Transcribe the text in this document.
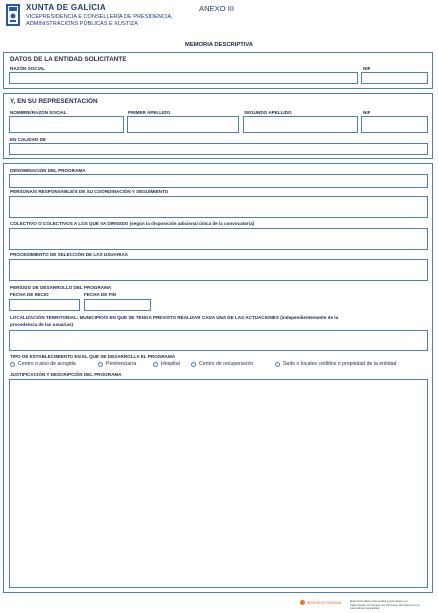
XUNTA DE GALICIA
VICEPRESIDENCIA E CONSELLERÍA DE PRESIDENCIA,
ADMINISTRACIÓNS PÚBLICAS E XUSTIZA
ANEXO III
MEMORIA DESCRIPTIVA
DATOS DE LA ENTIDAD SOLICITANTE
RAZÓN SOCIAL	NIF
Y, EN SU REPRESENTACIÓN
NOMBRE/RAZÓN SOCIAL	PRIMER APELLIDO	SEGUNDO APELLIDO	NIF
EN CALIDAD DE
DENOMINACIÓN DEL PROGRAMA
PERSONA/S RESPONSABLE/S DE SU COORDINACIÓN Y SEGUIMIENTO
COLECTIVO O COLECTIVOS A LOS QUE VA DIRIGIDO (según la disposición adicional única de la convocatoria)
PROCEDIMIENTO DE SELECCIÓN DE LAS USUARIAS
PERÍODO DE DESARROLLO DEL PROGRAMA
FECHA DE INICIO	FECHA DE FIN
LOCALIZACIÓN TERRITORIAL: MUNICIPIO/S EN QUE SE TENGA PREVISTO REALIZAR CADA UNA DE LAS ACTUACIONES (independientemente de la
procedencia de las usuarias)
TIPO DE ESTABLECIMIENTO EN EL QUE SE DESARROLLA EL PROGRAMA
Centro o piso de acogida	Penitenciaría	Hospital	Centro de recuperación	Sede o locales cedidos o propiedad de la entidad
JUSTIFICACIÓN Y DESCRIPCIÓN DEL PROGRAMA
SEDE ELECTRÓNICA	Este formulario sólo podrá presentarse en https://sede.xunta.gal, los formatos previstos en su normativa reguladora
